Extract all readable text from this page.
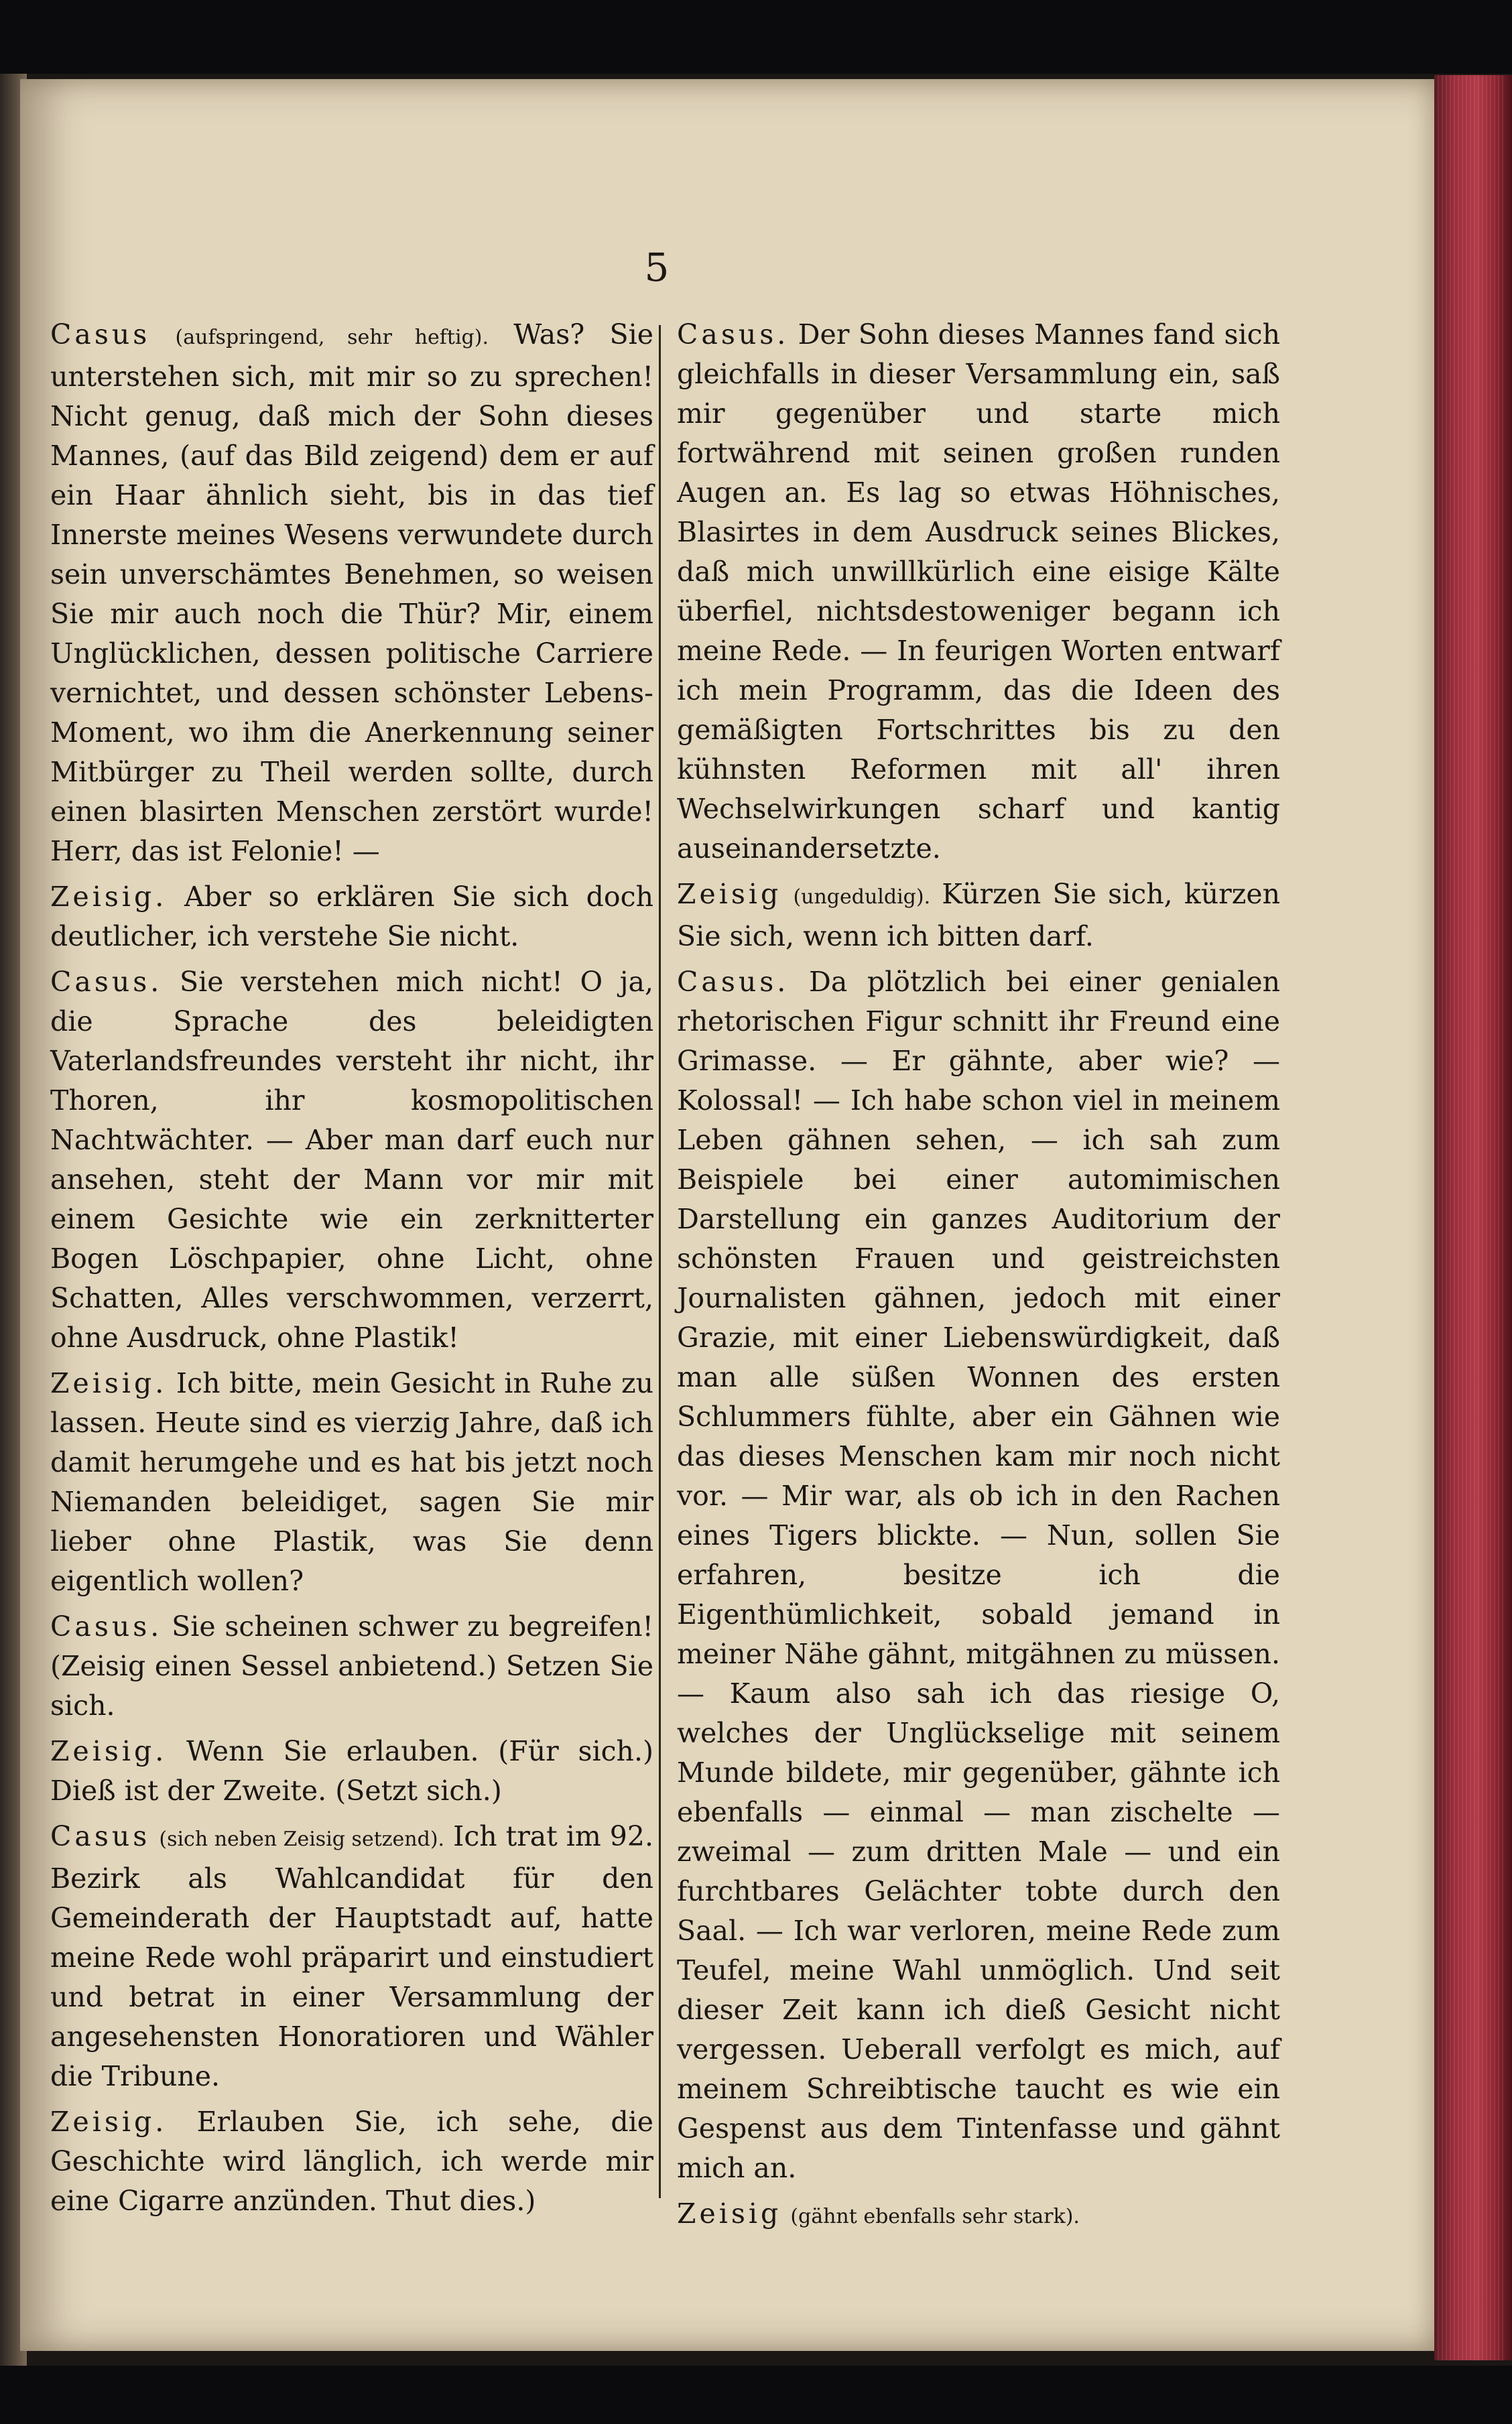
5

Casus (aufspringend, sehr heftig). Was? Sie unterstehen sich, mit mir so zu sprechen! Nicht genug, daß mich der Sohn dieses Mannes, (auf das Bild zeigend) dem er auf ein Haar ähnlich sieht, bis in das tief Innerste meines Wesens verwundete durch sein unverschämtes Benehmen, so weisen Sie mir auch noch die Thür? Mir, einem Unglücklichen, dessen politische Carriere vernichtet, und dessen schönster Lebens-Moment, wo ihm die Anerkennung seiner Mitbürger zu Theil werden sollte, durch einen blasirten Menschen zerstört wurde! Herr, das ist Felonie! —

Zeisig. Aber so erklären Sie sich doch deutlicher, ich verstehe Sie nicht.

Casus. Sie verstehen mich nicht! O ja, die Sprache des beleidigten Vaterlandsfreundes versteht ihr nicht, ihr Thoren, ihr kosmopolitischen Nachtwächter. — Aber man darf euch nur ansehen, steht der Mann vor mir mit einem Gesichte wie ein zerknitterter Bogen Löschpapier, ohne Licht, ohne Schatten, Alles verschwommen, verzerrt, ohne Ausdruck, ohne Plastik!

Zeisig. Ich bitte, mein Gesicht in Ruhe zu lassen. Heute sind es vierzig Jahre, daß ich damit herumgehe und es hat bis jetzt noch Niemanden beleidiget, sagen Sie mir lieber ohne Plastik, was Sie denn eigentlich wollen?

Casus. Sie scheinen schwer zu begreifen! (Zeisig einen Sessel anbietend.) Setzen Sie sich.

Zeisig. Wenn Sie erlauben. (Für sich.) Dieß ist der Zweite. (Setzt sich.)

Casus (sich neben Zeisig setzend). Ich trat im 92. Bezirk als Wahlcandidat für den Gemeinderath der Hauptstadt auf, hatte meine Rede wohl präparirt und einstudiert und betrat in einer Versammlung der angesehensten Honoratioren und Wähler die Tribune.

Zeisig. Erlauben Sie, ich sehe, die Geschichte wird länglich, ich werde mir eine Cigarre anzünden. Thut dies.)

Casus. Der Sohn dieses Mannes fand sich gleichfalls in dieser Versammlung ein, saß mir gegenüber und starte mich fortwährend mit seinen großen runden Augen an. Es lag so etwas Höhnisches, Blasirtes in dem Ausdruck seines Blickes, daß mich unwillkürlich eine eisige Kälte überfiel, nichtsdestoweniger begann ich meine Rede. — In feurigen Worten entwarf ich mein Programm, das die Ideen des gemäßigten Fortschrittes bis zu den kühnsten Reformen mit all' ihren Wechselwirkungen scharf und kantig auseinandersetzte.

Zeisig (ungeduldig). Kürzen Sie sich, kürzen Sie sich, wenn ich bitten darf.

Casus. Da plötzlich bei einer genialen rhetorischen Figur schnitt ihr Freund eine Grimasse. — Er gähnte, aber wie? — Kolossal! — Ich habe schon viel in meinem Leben gähnen sehen, — ich sah zum Beispiele bei einer automimischen Darstellung ein ganzes Auditorium der schönsten Frauen und geistreichsten Journalisten gähnen, jedoch mit einer Grazie, mit einer Liebenswürdigkeit, daß man alle süßen Wonnen des ersten Schlummers fühlte, aber ein Gähnen wie das dieses Menschen kam mir noch nicht vor. — Mir war, als ob ich in den Rachen eines Tigers blickte. — Nun, sollen Sie erfahren, besitze ich die Eigenthümlichkeit, sobald jemand in meiner Nähe gähnt, mitgähnen zu müssen. — Kaum also sah ich das riesige O, welches der Unglückselige mit seinem Munde bildete, mir gegenüber, gähnte ich ebenfalls — einmal — man zischelte — zweimal — zum dritten Male — und ein furchtbares Gelächter tobte durch den Saal. — Ich war verloren, meine Rede zum Teufel, meine Wahl unmöglich. Und seit dieser Zeit kann ich dieß Gesicht nicht vergessen. Ueberall verfolgt es mich, auf meinem Schreibtische taucht es wie ein Gespenst aus dem Tintenfasse und gähnt mich an.

Zeisig (gähnt ebenfalls sehr stark).
